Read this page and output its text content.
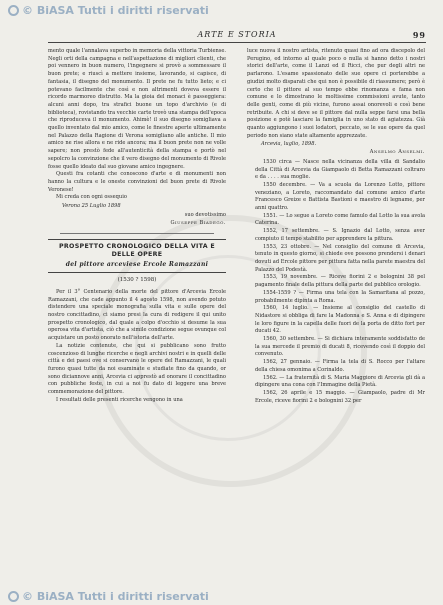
© BiASA Tutti i diritti riservati
ARTE E STORIA	99

mento quale l'annalava superbo in memoria della vittoria Turbiense. Negli orti della campagna e nell'aspettazione di migliori clienti, che poi vennero in buon numero, l'ingegnere si provò a sommessare il buon prete; e riuscì a mettere insieme, lavorando, si capisce, di fantasia, il disegno del monumento. Il prete ne fu tutto lieto; e ci potevano facilmente che così e non altrimenti doveva essere il ricordo marmoreo distrutto. Ma la gioia del monaci è passeggiera: alcuni anni dopo, tra strafici buone un topo d'archivio (e di biblioteca), rovistando tra vecchie carte trovò una stampa dell'epoca che riproduceva il monumento. Ahimè! il suo disegno somigliava a quello inventato dal mio amico, come le finestre aperte ultimamente nel Palazzo della Ragione di Verona somigliano alle antiche. Il mio amico ne rise allora e ne ride ancora; ma il buon prete non ne volle sapere; non prestò fede all'autenticità della stampa e portò nel sepolcro la convinzione che il vero disegno del monumento di Rivole fosse quello ideato dal suo giovane amico ingegnere.

Questi fra cotanti che conoscono d'arte e di monumenti non hanno la cultura e le oneste convinzioni del buon prete di Rivole Veronese!

Mi creda con ogni ossequio

Verona 25 Luglio 1898
suo devotissimo
Giuseppe Biadego.
PROSPETTO CRONOLOGICO DELLA VITA E DELLE OPERE
del pittore arceviese Ercole Ramazzani
(1530 ? 1598)

Per il 3° Centenario della morte del pittore d'Arcevia Ercole Ramazzani, che cade appunto il 4 agosto 1598, non avendo potuto distendere una speciale monografia sulla vita e sulle opere del nostro concittadino, ci siamo presi la cura di redigere il qui unito prospetto cronologico, dal quale a colpo d'occhio si desume la sua operosa vita d'artista, ciò che a simile condizione segue ovunque col acquistare un posto onorato nell'istoria dell'arte.

La notizie contenute, che qui si pubblicano sono frutto coscenzioso di lunghe ricerche e negli archivi nostri e in quelli delle città e dei paesi ove si conservano le opere del Ramazzani, le quali furono quasi tutte da noi esaminate e studiate fino da quando, or sono diciannove anni, Arcevia ci apprestò ad onorare il concittadino con pubbliche feste, in cui a noi fu dato di leggere una breve commemorazione del pittore.

I resultati delle presenti ricerche vengono in una

luce nuova il nostro artista, ritenuto quasi fino ad ora discepolo del Perugino, ed intorno al quale poco o nulla si hanno detto i nostri storici dell'arte, come il Lanzi ed il Ricci, che pur degli altri ne parlarono. L'esame spassionato delle sue opere ci porterebbe a giudizi molto disparati che qui non è possibile di riassumere; però è certo che il pittore al suo tempo ebbe rinomanza e fama non comune e lo dimostrano le moltissime commissioni avute, tanto delle genti, come di più vicine, furono assai onorevoli e così bene retribuite. A chi si deve se il pittore dal nulla seppe farsi una bella posizione e potè lasciare la famiglia in uno stato di agiatezza. Già quanto aggiungono i suoi lodatori, peccato, se le sue opere da quel periodo non siano state altamente apprezzate.

Arcevia, luglio, 1898.
Anselmo Anselmi.

1530 circa — Nasce nella vicinanza della villa di Sandalio della Città di Arcevia da Giampaolo di Betta Ramazzani coltraro e da . . . . sua moglie.

1550 decembre. — Va a scuola da Lorenzo Lotto, pittore veneziano, a Loreto, raccomandato dal comune amico d'arte Francesco Greize e Battista Bastioni e maestro di legname, per anni quattro.

1551. — Lo segue a Loreto come famulo dal Lotto la sua avola Caterina.

1552, 17 settembre. — S. Ignazio dal Lotto, senza aver compiuto il tempo stabilito per apprendere la pittura.

1553, 23 ottobre. — Nel consiglio del comune di Arcevia, tenuto in questo giorno, si chiede ove possono prendersi i denari dovuti ad Ercole pittore per pittura fatta nella parete maestra del Palazzo del Podestà.

1553, 19 novembre. — Riceve fiorini 2 e bolognini 38 pel pagamento finale della pittura della parte del pubblico orologio.

1554-1559 ? — Firma una tela con la Samaritana al pozzo, probabilmente dipinta a Roma.

1560, 14 luglio. — Insieme al consiglio del castello di Nidastore si obbliga di fare la Madonna e S. Anna e di dipingere le loro figure in la capella delle fuori de la porta de ditto fort per ducati 42.

1560, 30 settembre. — Si dichiara interamente soddisfatto de la sua mercede il premio di ducati 8, ricevendo così il doppio del convenuto.

1562, 27 gennaio. — Firma la tela di S. Rocco per l'altare della chiesa omonima a Corinaldo.

1562. — La fraternità di S. Maria Maggiore di Arcevia gli dà a dipingere una cona con l'Immagine della Pietà.

1562, 26 aprile e 15 maggio. — Giampaolo, padre di Mr Ercole, riceve fiorini 2 e bolognini 32 per

© BiASA Tutti i diritti riservati
